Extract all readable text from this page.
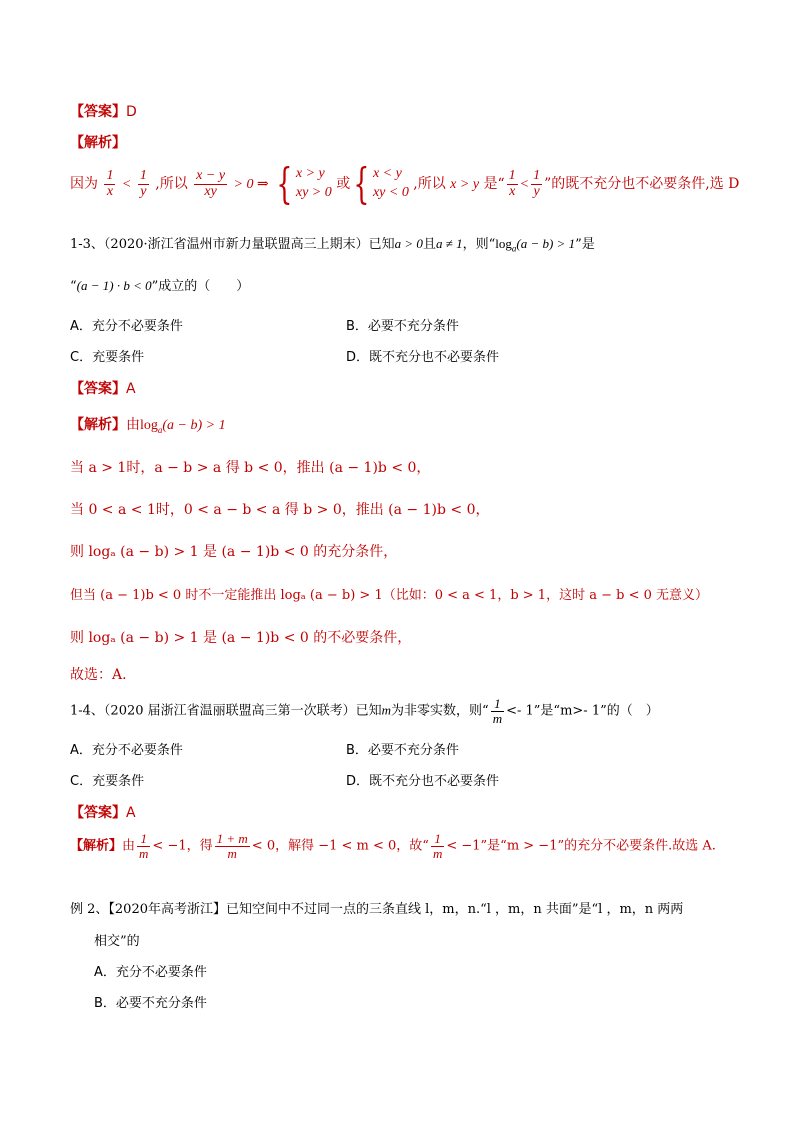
【答案】D
【解析】
因为 $\frac{1}{x} < \frac{1}{y}$ ,所以 $\frac{x - y}{xy} > 0$ ⇒ { x > y
xy > 0
或{ x < y
xy < 0
,所以 x > y 是“ $\frac{1}{x} < \frac{1}{y}$ ”的既不充分也不必要条件,选 D
1-3、（2020·浙江省温州市新力量联盟高三上期末）已知a > 0且a ≠ 1，则“$\log_a(a - b) > 1$”是
“(a − 1) · b < 0”成立的（　　）
A．充分不必要条件	B．必要不充分条件
C．充要条件	D．既不充分也不必要条件
【答案】A
【解析】由$\log_a(a - b) > 1$
当 a > 1时，a − b > a 得 b < 0，推出 (a − 1)b < 0，
当 0 < a < 1时，0 < a − b < a 得 b > 0，推出 (a − 1)b < 0，
则 logₐ (a − b) > 1 是 (a − 1)b < 0 的充分条件，
但当 (a − 1)b < 0 时不一定能推出 logₐ (a − b) > 1（比如：0 < a < 1，b > 1，这时 a − b < 0 无意义）
则 logₐ (a − b) > 1 是 (a − 1)b < 0 的不必要条件，
故选：A.
1-4、（2020 届浙江省温丽联盟高三第一次联考）已知m为非零实数，则“ $\frac{1}{m} <- 1$”是“m>- 1”的（　）
A．充分不必要条件	B．必要不充分条件
C．充要条件	D．既不充分也不必要条件
【答案】A
【解析】由 $\frac{1}{m} < -1$，得 $\frac{1 + m}{m} < 0$，解得 −1 < m < 0，故“ $\frac{1}{m} < -1$”是“m > −1”的充分不必要条件.故选 A.
例 2、【2020年高考浙江】已知空间中不过同一点的三条直线 l，m，n.“l ，m，n 共面”是“l ，m，n 两两
相交”的
A．充分不必要条件
B．必要不充分条件
